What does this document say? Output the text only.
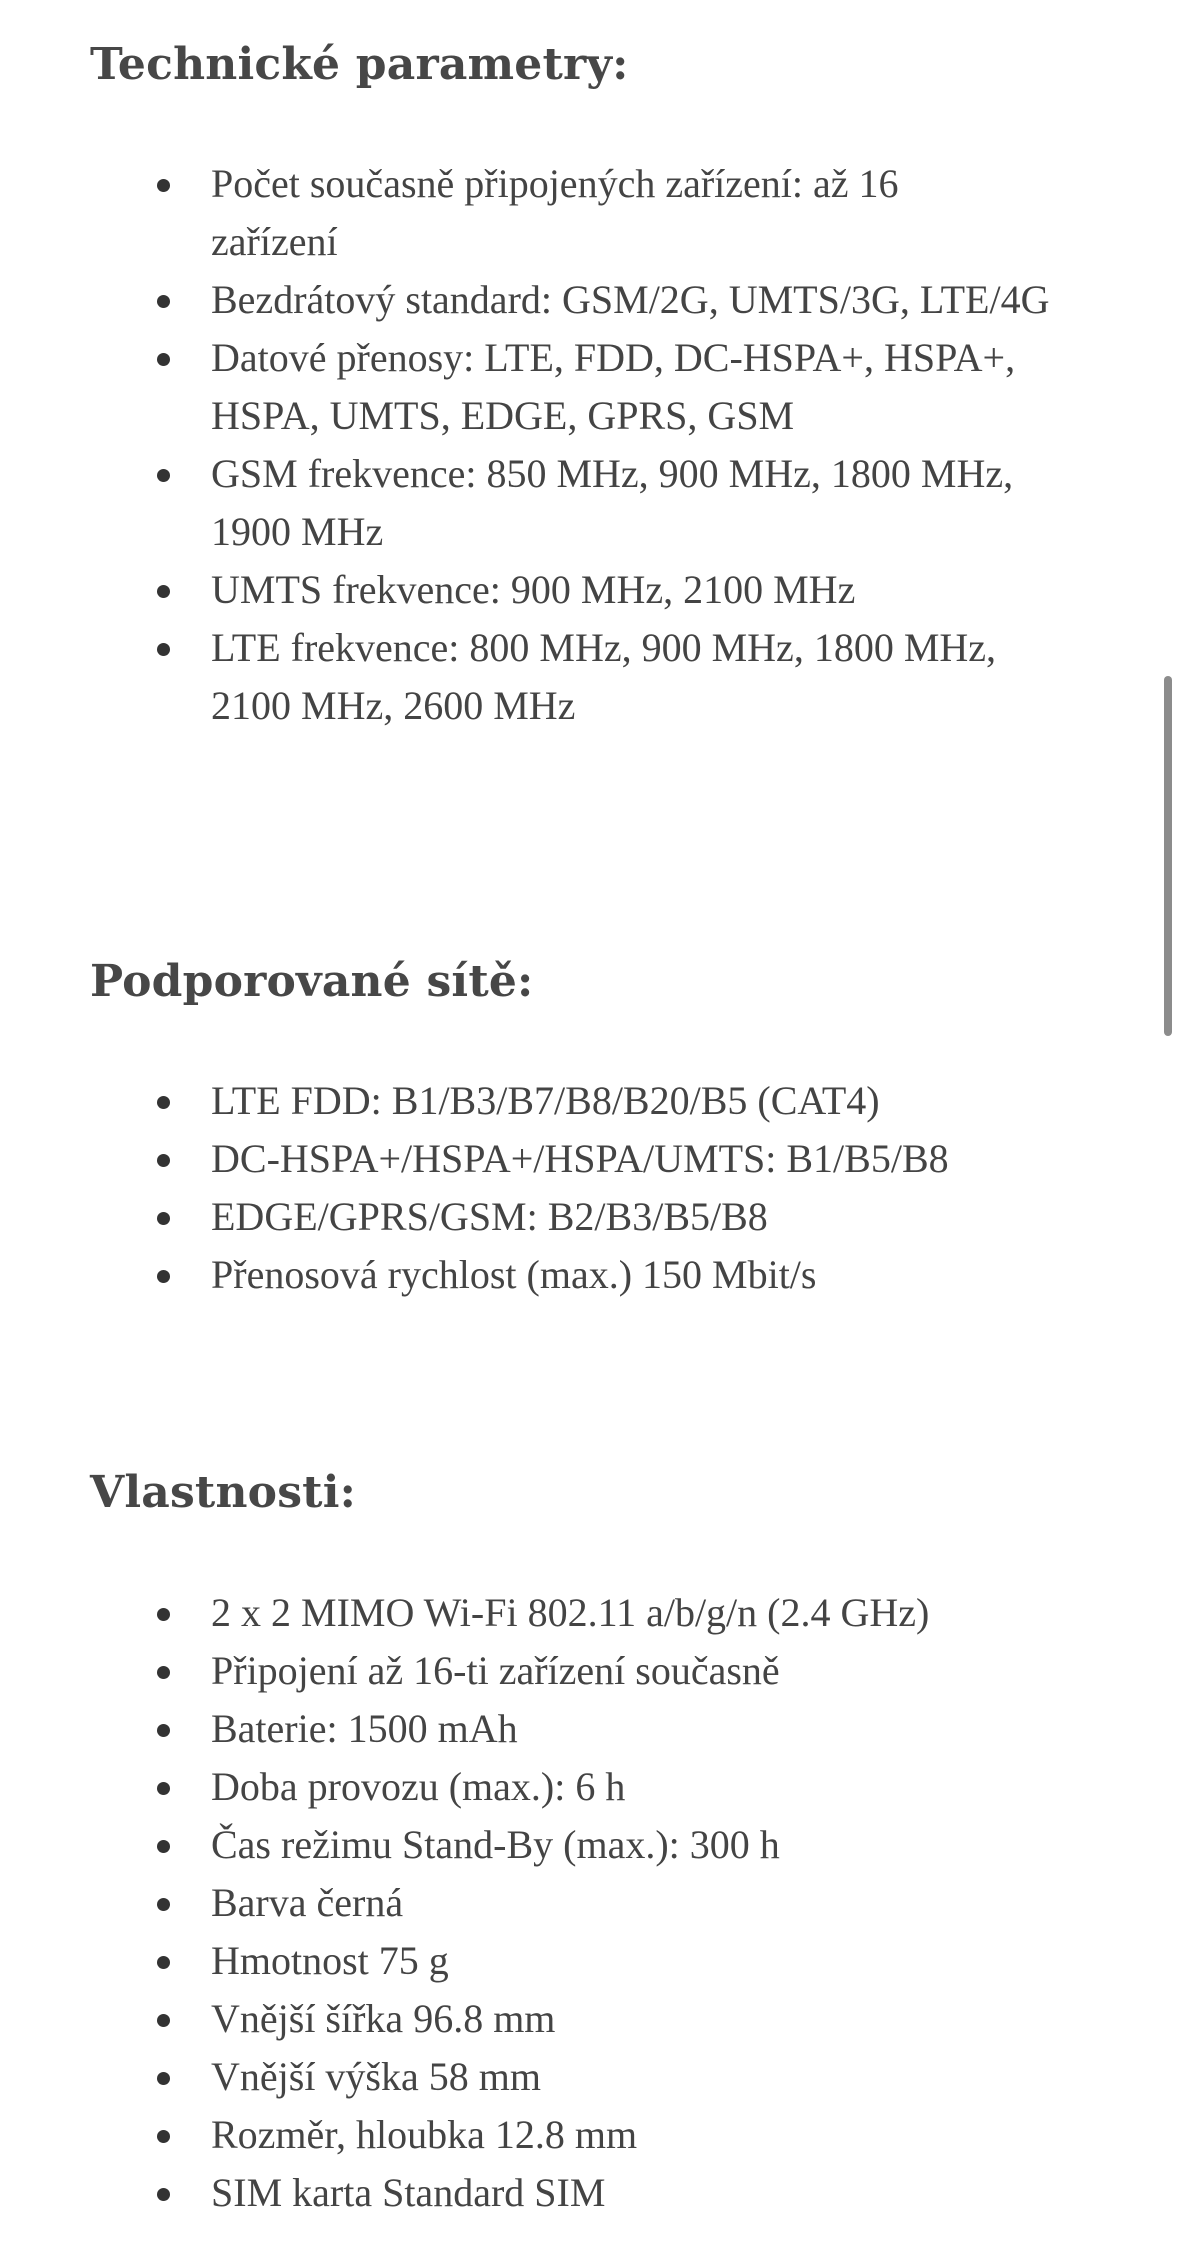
Technické parametry:
Počet současně připojených zařízení: až 16 zařízení
Bezdrátový standard: GSM/2G, UMTS/3G, LTE/4G
Datové přenosy: LTE, FDD, DC-HSPA+, HSPA+, HSPA, UMTS, EDGE, GPRS, GSM
GSM frekvence: 850 MHz, 900 MHz, 1800 MHz, 1900 MHz
UMTS frekvence: 900 MHz, 2100 MHz
LTE frekvence: 800 MHz, 900 MHz, 1800 MHz, 2100 MHz, 2600 MHz
Podporované sítě:
LTE FDD: B1/B3/B7/B8/B20/B5 (CAT4)
DC-HSPA+/HSPA+/HSPA/UMTS: B1/B5/B8
EDGE/GPRS/GSM: B2/B3/B5/B8
Přenosová rychlost (max.) 150 Mbit/s
Vlastnosti:
2 x 2 MIMO Wi-Fi 802.11 a/b/g/n (2.4 GHz)
Připojení až 16-ti zařízení současně
Baterie: 1500 mAh
Doba provozu (max.): 6 h
Čas režimu Stand-By (max.): 300 h
Barva černá
Hmotnost 75 g
Vnější šířka 96.8 mm
Vnější výška 58 mm
Rozměr, hloubka 12.8 mm
SIM karta Standard SIM
